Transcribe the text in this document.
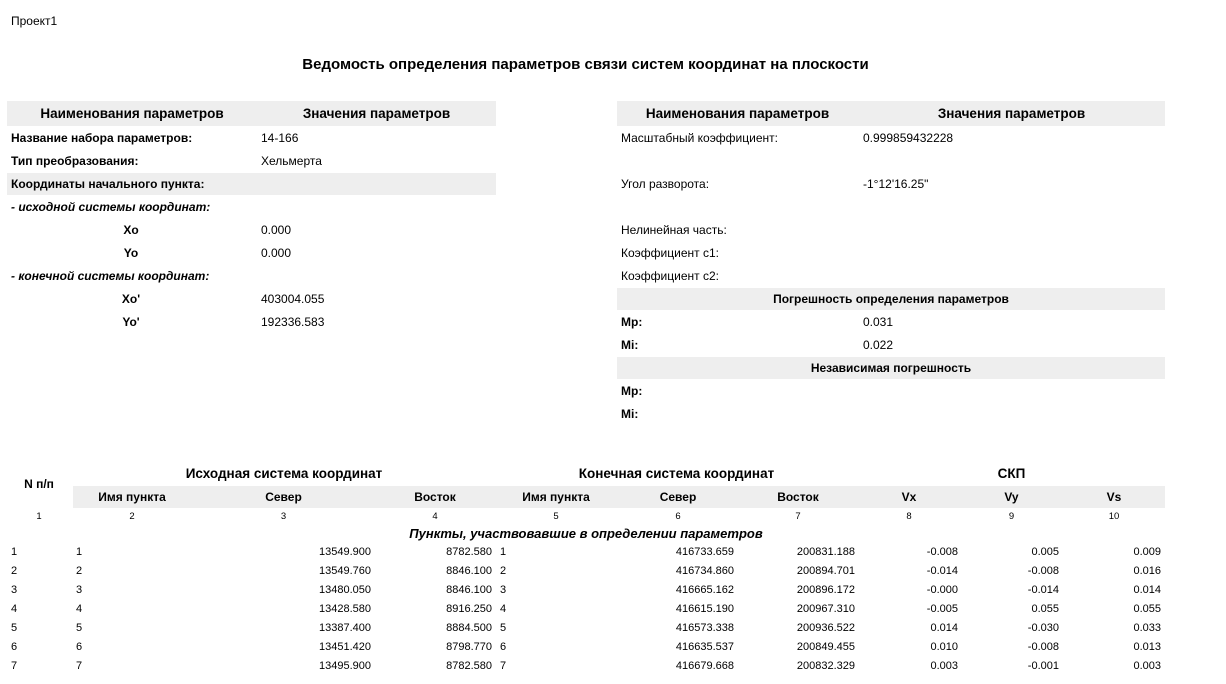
Проект1
Ведомость определения параметров связи систем координат на плоскости
Наименования параметров	Значения параметров
Название набора параметров:	14-166
Тип преобразования:	Хельмерта
Координаты начального пункта:
- исходной системы координат:
Xo	0.000
Yo	0.000
- конечной системы координат:
Xo'	403004.055
Yo'	192336.583
Наименования параметров	Значения параметров
Масштабный коэффициент:	0.999859432228
Угол разворота:	-1°12'16.25"
Нелинейная часть:
Коэффициент c1:
Коэффициент c2:
Погрешность определения параметров
Mp:	0.031
Mi:	0.022
Независимая погрешность
Mp:
Mi:
N п/п
Исходная система координат	Конечная система координат	СКП
Имя пункта	Север	Восток	Имя пункта	Север	Восток	Vx	Vy	Vs
1	2	3	4	5	6	7	8	9	10
Пункты, участвовавшие в определении параметров
1	1	13549.900	8782.580 1	416733.659	200831.188	-0.008	0.005	0.009
2	2	13549.760	8846.100 2	416734.860	200894.701	-0.014	-0.008	0.016
3	3	13480.050	8846.100 3	416665.162	200896.172	-0.000	-0.014	0.014
4	4	13428.580	8916.250 4	416615.190	200967.310	-0.005	0.055	0.055
5	5	13387.400	8884.500 5	416573.338	200936.522	0.014	-0.030	0.033
6	6	13451.420	8798.770 6	416635.537	200849.455	0.010	-0.008	0.013
7	7	13495.900	8782.580 7	416679.668	200832.329	0.003	-0.001	0.003
